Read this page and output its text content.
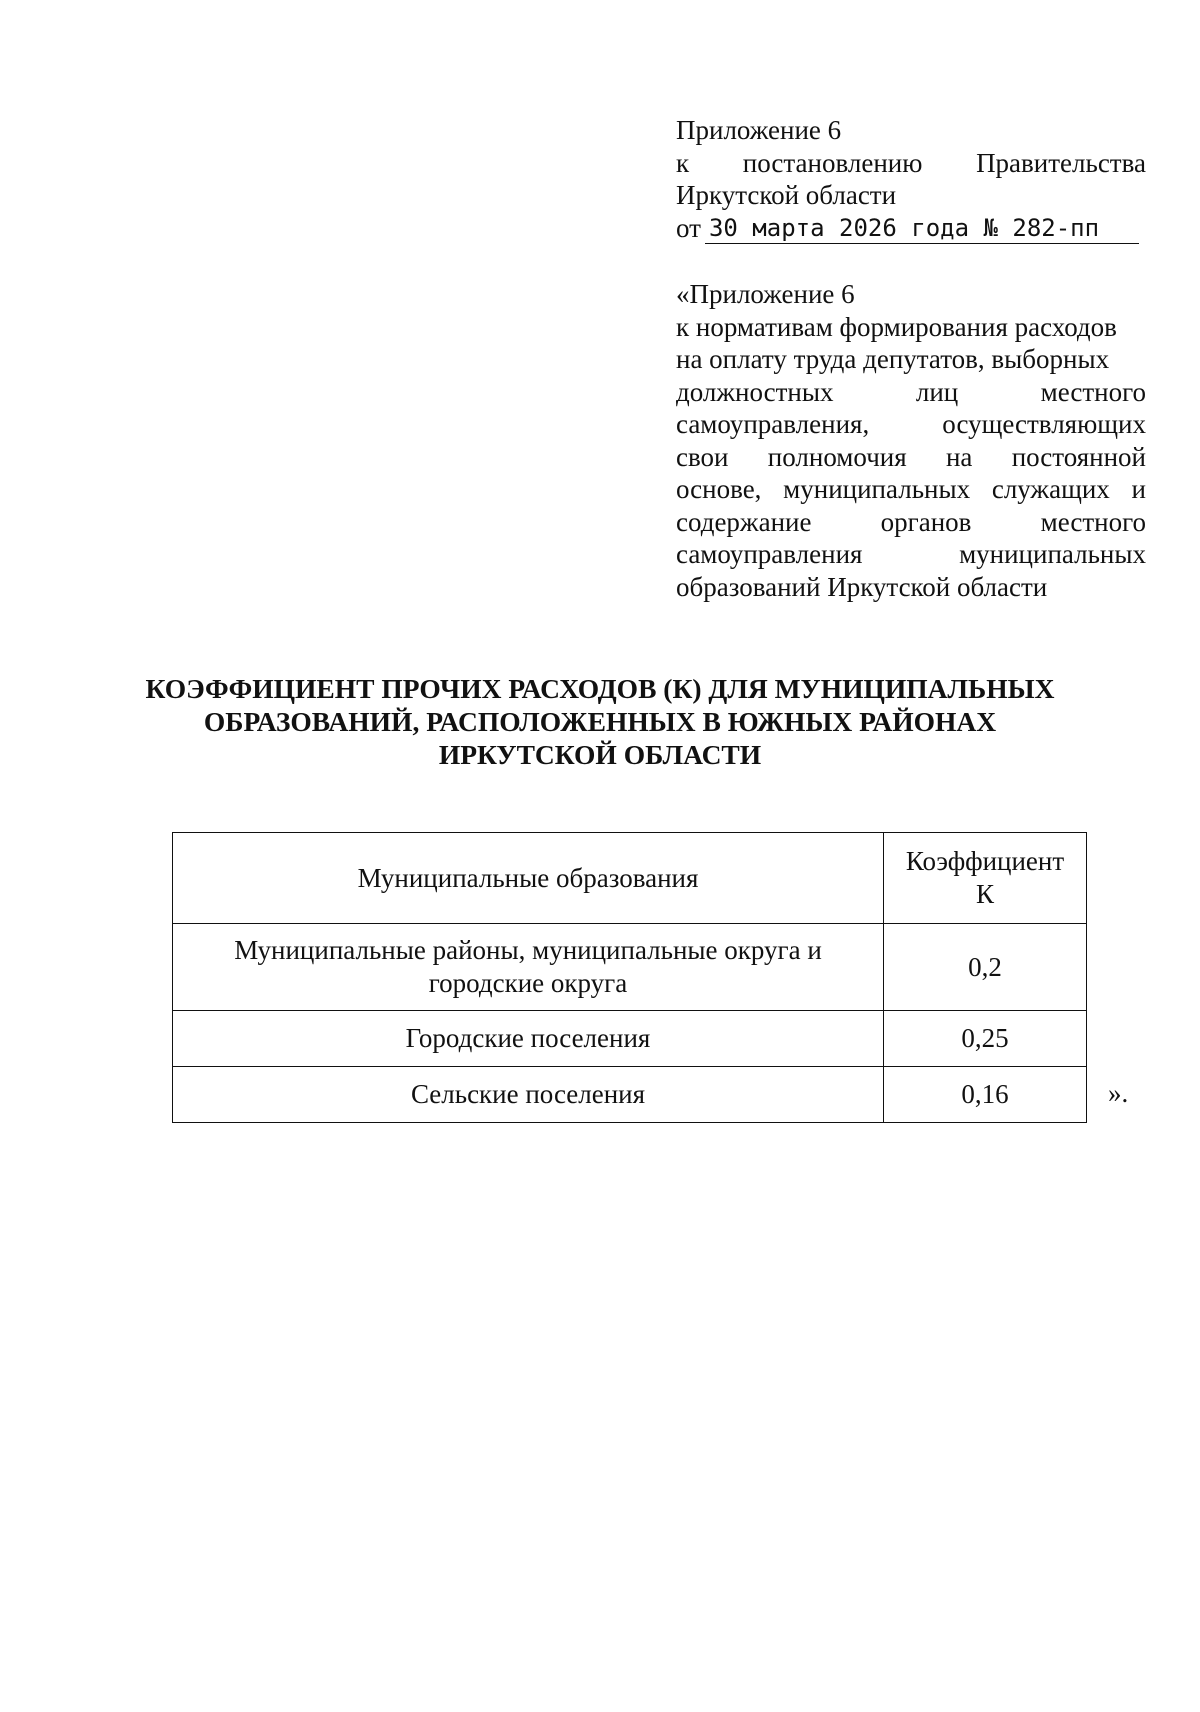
Приложение 6
к постановлению Правительства
Иркутской области
от 30 марта 2026 года № 282-пп
«Приложение 6
к нормативам формирования расходов
на оплату труда депутатов, выборных
должностных лиц местного
самоуправления, осуществляющих
свои полномочия на постоянной
основе, муниципальных служащих и
содержание органов местного
самоуправления муниципальных
образований Иркутской области
КОЭФФИЦИЕНТ ПРОЧИХ РАСХОДОВ (К) ДЛЯ МУНИЦИПАЛЬНЫХ
ОБРАЗОВАНИЙ, РАСПОЛОЖЕННЫХ В ЮЖНЫХ РАЙОНАХ
ИРКУТСКОЙ ОБЛАСТИ
Муниципальные образования	Коэффициент
К

Муниципальные районы, муниципальные округа и
городские округа	0,2
Городские поселения	0,25
Сельские поселения	0,16	».
